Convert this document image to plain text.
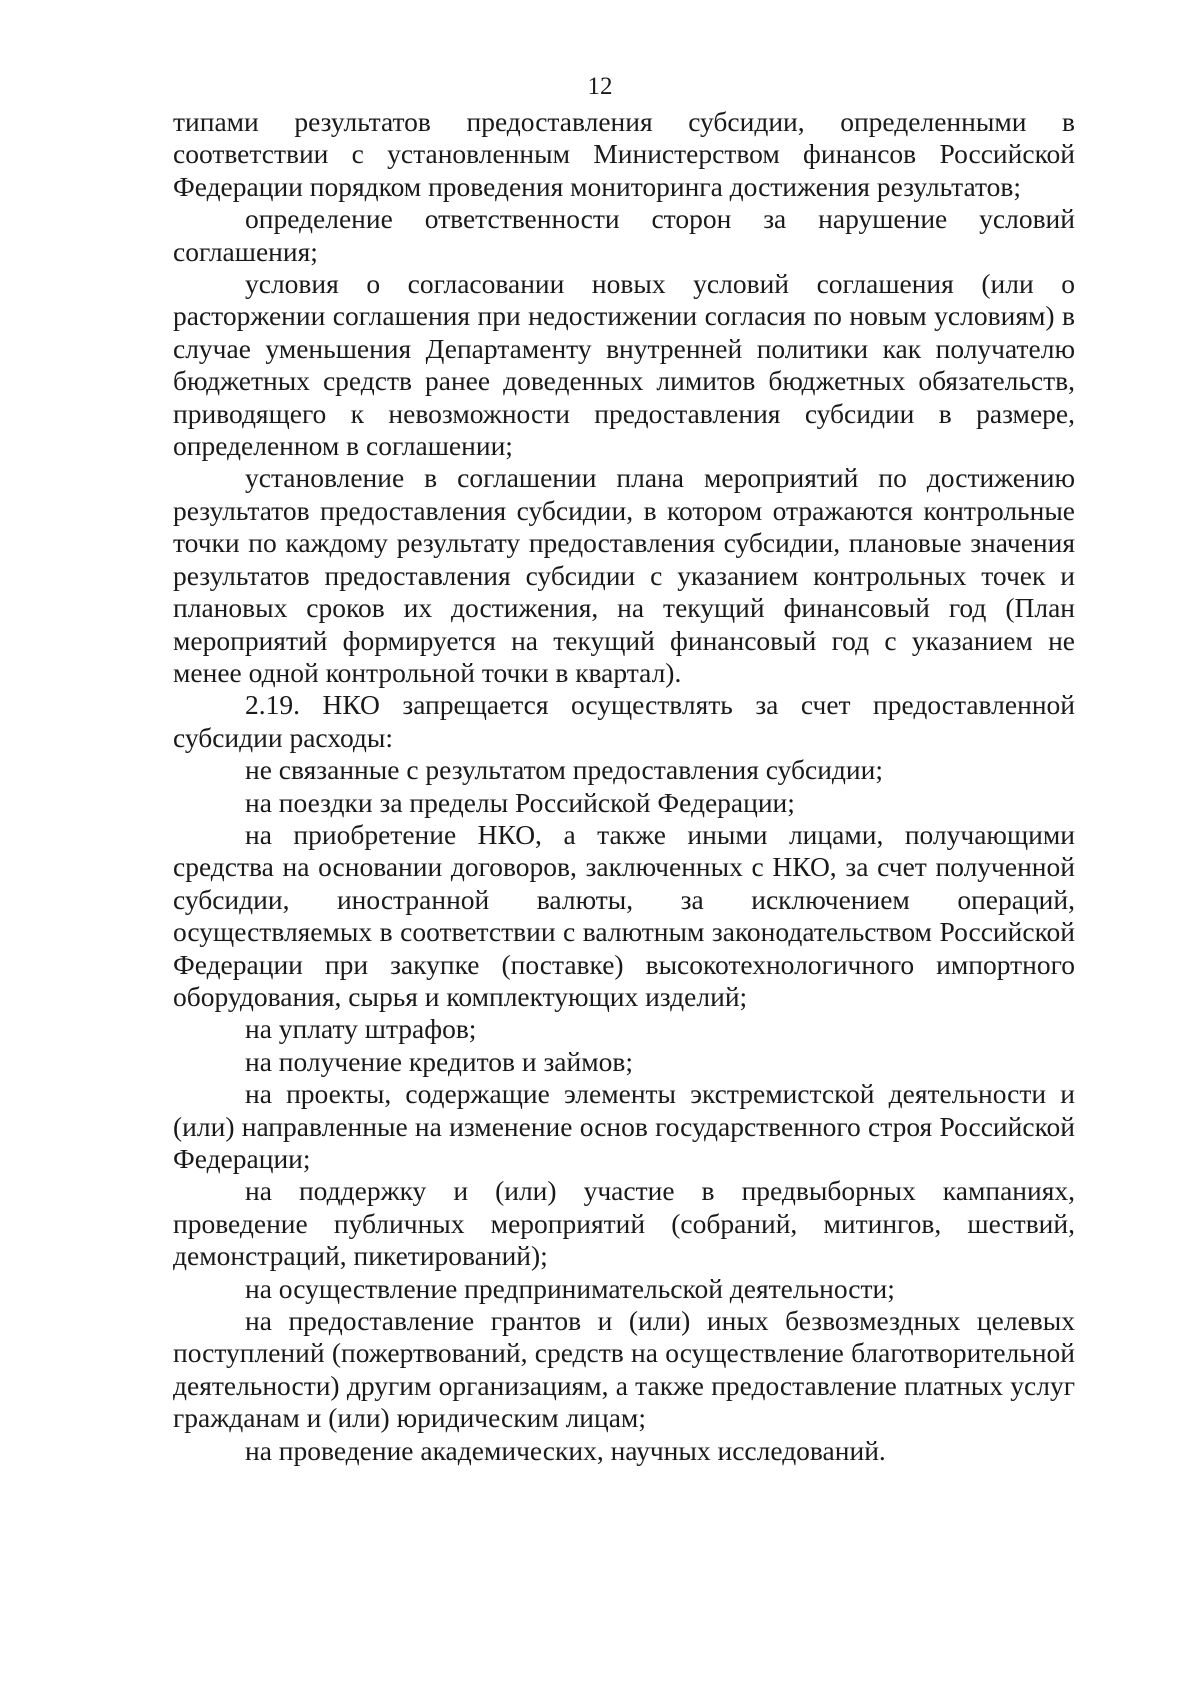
12

типами результатов предоставления субсидии, определенными в соответствии с установленным Министерством финансов Российской Федерации порядком проведения мониторинга достижения результатов;

определение ответственности сторон за нарушение условий соглашения;

условия о согласовании новых условий соглашения (или о расторжении соглашения при недостижении согласия по новым условиям) в случае уменьшения Департаменту внутренней политики как получателю бюджетных средств ранее доведенных лимитов бюджетных обязательств, приводящего к невозможности предоставления субсидии в размере, определенном в соглашении;

установление в соглашении плана мероприятий по достижению результатов предоставления субсидии, в котором отражаются контрольные точки по каждому результату предоставления субсидии, плановые значения результатов предоставления субсидии с указанием контрольных точек и плановых сроков их достижения, на текущий финансовый год (План мероприятий формируется на текущий финансовый год с указанием не менее одной контрольной точки в квартал).

2.19. НКО запрещается осуществлять за счет предоставленной субсидии расходы:

не связанные с результатом предоставления субсидии;

на поездки за пределы Российской Федерации;

на приобретение НКО, а также иными лицами, получающими средства на основании договоров, заключенных с НКО, за счет полученной субсидии, иностранной валюты, за исключением операций, осуществляемых в соответствии с валютным законодательством Российской Федерации при закупке (поставке) высокотехнологичного импортного оборудования, сырья и комплектующих изделий;

на уплату штрафов;

на получение кредитов и займов;

на проекты, содержащие элементы экстремистской деятельности и (или) направленные на изменение основ государственного строя Российской Федерации;

на поддержку и (или) участие в предвыборных кампаниях, проведение публичных мероприятий (собраний, митингов, шествий, демонстраций, пикетирований);

на осуществление предпринимательской деятельности;

на предоставление грантов и (или) иных безвозмездных целевых поступлений (пожертвований, средств на осуществление благотворительной деятельности) другим организациям, а также предоставление платных услуг гражданам и (или) юридическим лицам;

на проведение академических, научных исследований.
